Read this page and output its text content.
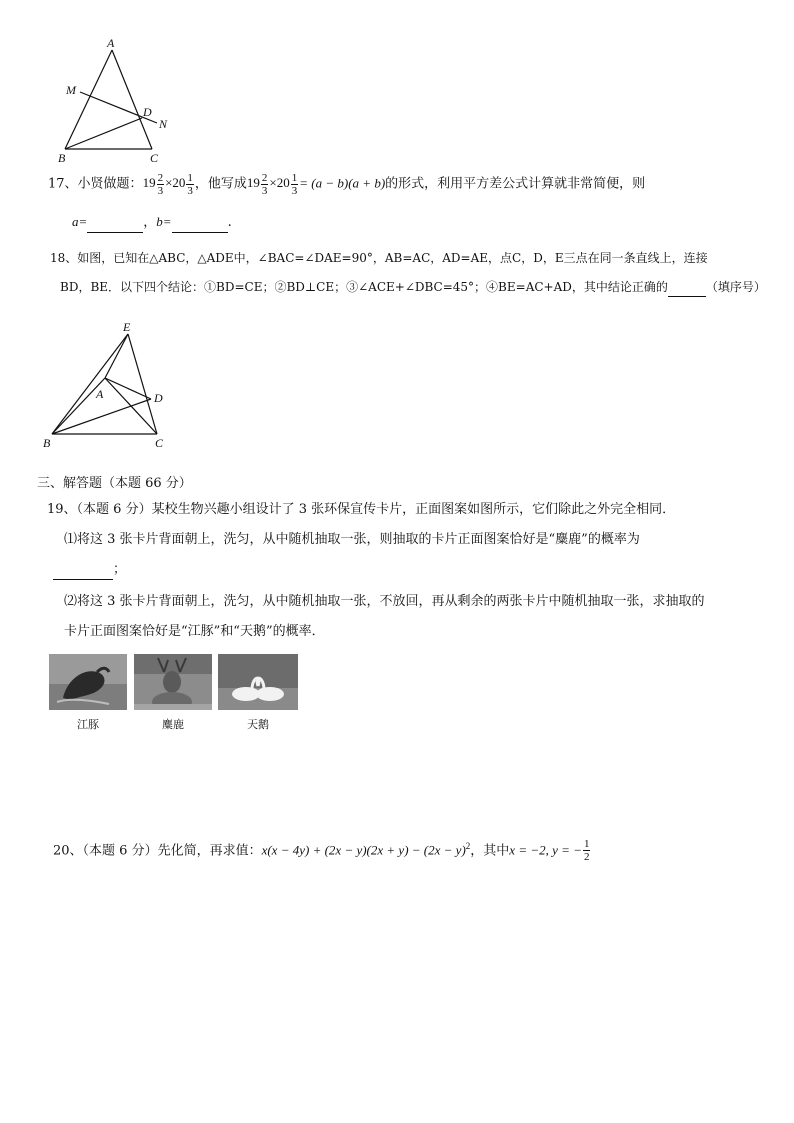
A
M
D
N
B	C
17、小贤做题：$19 \frac{2}{3} \times 20 \frac{1}{3}$ ，他写成$19 \frac{2}{3} \times 20 \frac{1}{3} = (a - b)(a + b)$的形式，利用平方差公式计算就非常简便，则
a=	，b=	.
18、如图，已知在△ABC，△ADE中，∠BAC=∠DAE=90°，AB=AC，AD=AE，点C，D，E三点在同一条直线上，连接
BD，BE．以下四个结论：①BD=CE；②BD⊥CE；③∠ACE+∠DBC=45°；④BE=AC+AD，其中结论正确的	（填序号）
E
A	D
B	C
三、解答题（本题 66 分）
19、（本题 6 分）某校生物兴趣小组设计了 3 张环保宣传卡片，正面图案如图所示，它们除此之外完全相同．
⑴将这 3 张卡片背面朝上，洗匀，从中随机抽取一张，则抽取的卡片正面图案恰好是“麋鹿”的概率为
；
⑵将这 3 张卡片背面朝上，洗匀，从中随机抽取一张，不放回，再从剩余的两张卡片中随机抽取一张，求抽取的
卡片正面图案恰好是“江豚”和“天鹅”的概率．
江豚	麋鹿	天鹅
20、（本题 6 分）先化简，再求值：$x(x - 4y) + (2x - y)(2x + y) - (2x - y)^2$，其中x = −2, y = − $\frac{1}{2}$
